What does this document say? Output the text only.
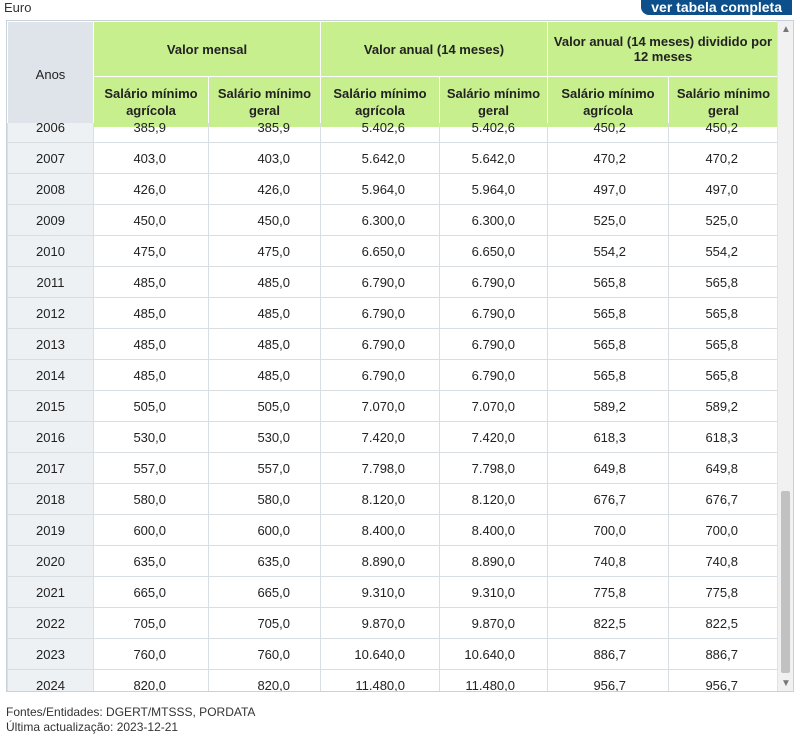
Euro	ver tabela completa
Anos	Valor mensal		Valor anual (14 meses)		Valor anual (14 meses) dividido por 12 meses	
	Salário mínimo agrícola	Salário mínimo geral	Salário mínimo agrícola	Salário mínimo geral	Salário mínimo agrícola	Salário mínimo geral
2006	385,9	385,9	5.402,6	5.402,6	450,2	450,2
2007	403,0	403,0	5.642,0	5.642,0	470,2	470,2
2008	426,0	426,0	5.964,0	5.964,0	497,0	497,0
2009	450,0	450,0	6.300,0	6.300,0	525,0	525,0
2010	475,0	475,0	6.650,0	6.650,0	554,2	554,2
2011	485,0	485,0	6.790,0	6.790,0	565,8	565,8
2012	485,0	485,0	6.790,0	6.790,0	565,8	565,8
2013	485,0	485,0	6.790,0	6.790,0	565,8	565,8
2014	485,0	485,0	6.790,0	6.790,0	565,8	565,8
2015	505,0	505,0	7.070,0	7.070,0	589,2	589,2
2016	530,0	530,0	7.420,0	7.420,0	618,3	618,3
2017	557,0	557,0	7.798,0	7.798,0	649,8	649,8
2018	580,0	580,0	8.120,0	8.120,0	676,7	676,7
2019	600,0	600,0	8.400,0	8.400,0	700,0	700,0
2020	635,0	635,0	8.890,0	8.890,0	740,8	740,8
2021	665,0	665,0	9.310,0	9.310,0	775,8	775,8
2022	705,0	705,0	9.870,0	9.870,0	822,5	822,5
2023	760,0	760,0	10.640,0	10.640,0	886,7	886,7
2024	820,0	820,0	11.480,0	11.480,0	956,7	956,7
▲
▼
Fontes/Entidades: DGERT/MTSSS, PORDATA
Última actualização: 2023-12-21
